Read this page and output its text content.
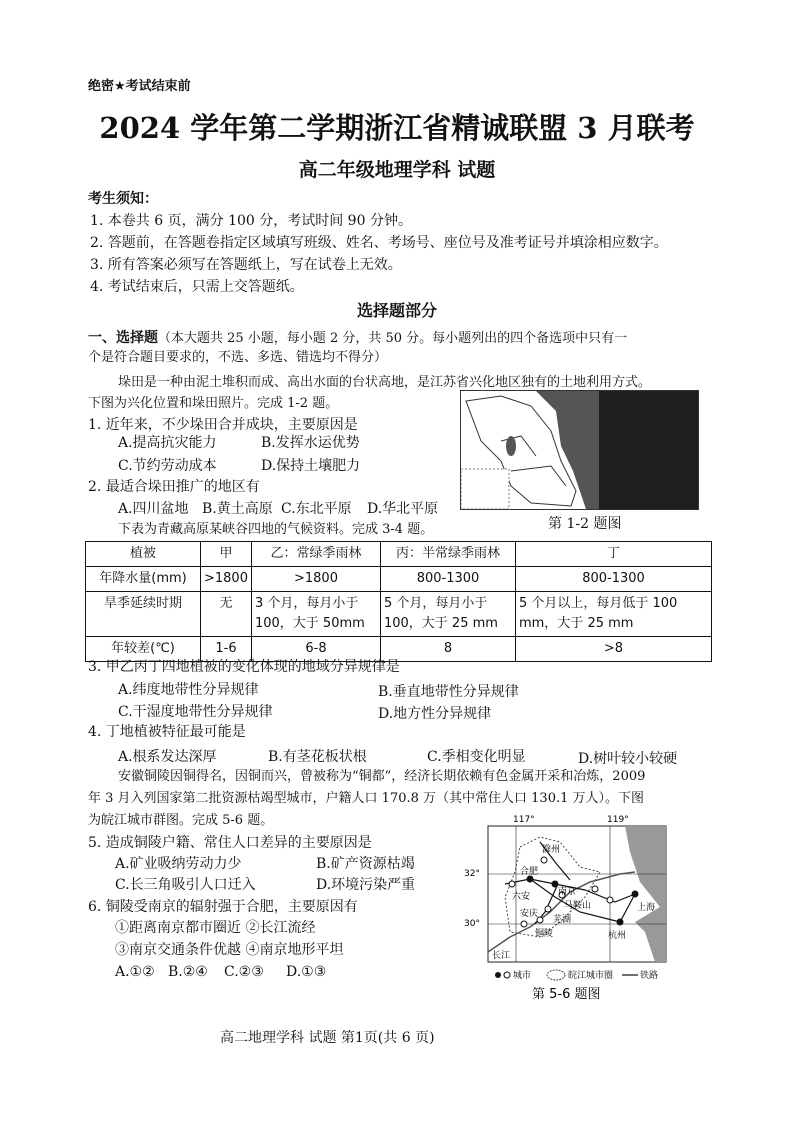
绝密★考试结束前
2024 学年第二学期浙江省精诚联盟 3 月联考
高二年级地理学科 试题
考生须知：
1. 本卷共 6 页，满分 100 分，考试时间 90 分钟。
2. 答题前，在答题卷指定区域填写班级、姓名、考场号、座位号及准考证号并填涂相应数字。
3. 所有答案必须写在答题纸上，写在试卷上无效。
4. 考试结束后，只需上交答题纸。
选择题部分
一、选择题（本大题共 25 小题，每小题 2 分，共 50 分。每小题列出的四个备选项中只有一
个是符合题目要求的，不选、多选、错选均不得分）
垛田是一种由泥土堆积而成、高出水面的台状高地，是江苏省兴化地区独有的土地利用方式。
下图为兴化位置和垛田照片。完成 1-2 题。
1. 近年来，不少垛田合并成块，主要原因是
A.提高抗灾能力	B.发挥水运优势
C.节约劳动成本	D.保持土壤肥力
2. 最适合垛田推广的地区有
A.四川盆地 B.黄土高原 C.东北平原 D.华北平原
下表为青藏高原某峡谷四地的气候资料。完成 3-4 题。	第 1-2 题图
植被	甲	乙：常绿季雨林	丙：半常绿季雨林	丁
年降水量(mm)	>1800	>1800	800-1300	800-1300
旱季延续时期	无	3 个月，每月小于 100，大于 50mm	5 个月，每月小于 100，大于 25 mm	5 个月以上，每月低于 100 mm，大于 25 mm
年较差(℃)	1-6	6-8	8	>8
3. 甲乙丙丁四地植被的变化体现的地域分异规律是
A.纬度地带性分异规律	B.垂直地带性分异规律
C.干湿度地带性分异规律	D.地方性分异规律
4. 丁地植被特征最可能是
A.根系发达深厚	B.有茎花板状根	C.季相变化明显	D.树叶较小较硬
安徽铜陵因铜得名，因铜而兴，曾被称为“铜都”，经济长期依赖有色金属开采和冶炼，2009
年 3 月入列国家第二批资源枯竭型城市，户籍人口 170.8 万（其中常住人口 130.1 万人）。下图
为皖江城市群图。完成 5-6 题。
5. 造成铜陵户籍、常住人口差异的主要原因是
A.矿业吸纳劳动力少	B.矿产资源枯竭
C.长三角吸引人口迁入	D.环境污染严重
6. 铜陵受南京的辐射强于合肥，主要原因有
①距离南京都市圈近 ②长江流经
③南京交通条件优越 ④南京地形平坦
A.①② B.②④ C.②③ D.①③
117°	119°
32°
30°
滁州
合肥
六安	南京
马鞍山
芜湖
安庆
铜陵	杭州
上海
长江
城市	皖江城市圈	铁路
第 5-6 题图
高二地理学科 试题 第1页(共 6 页)
